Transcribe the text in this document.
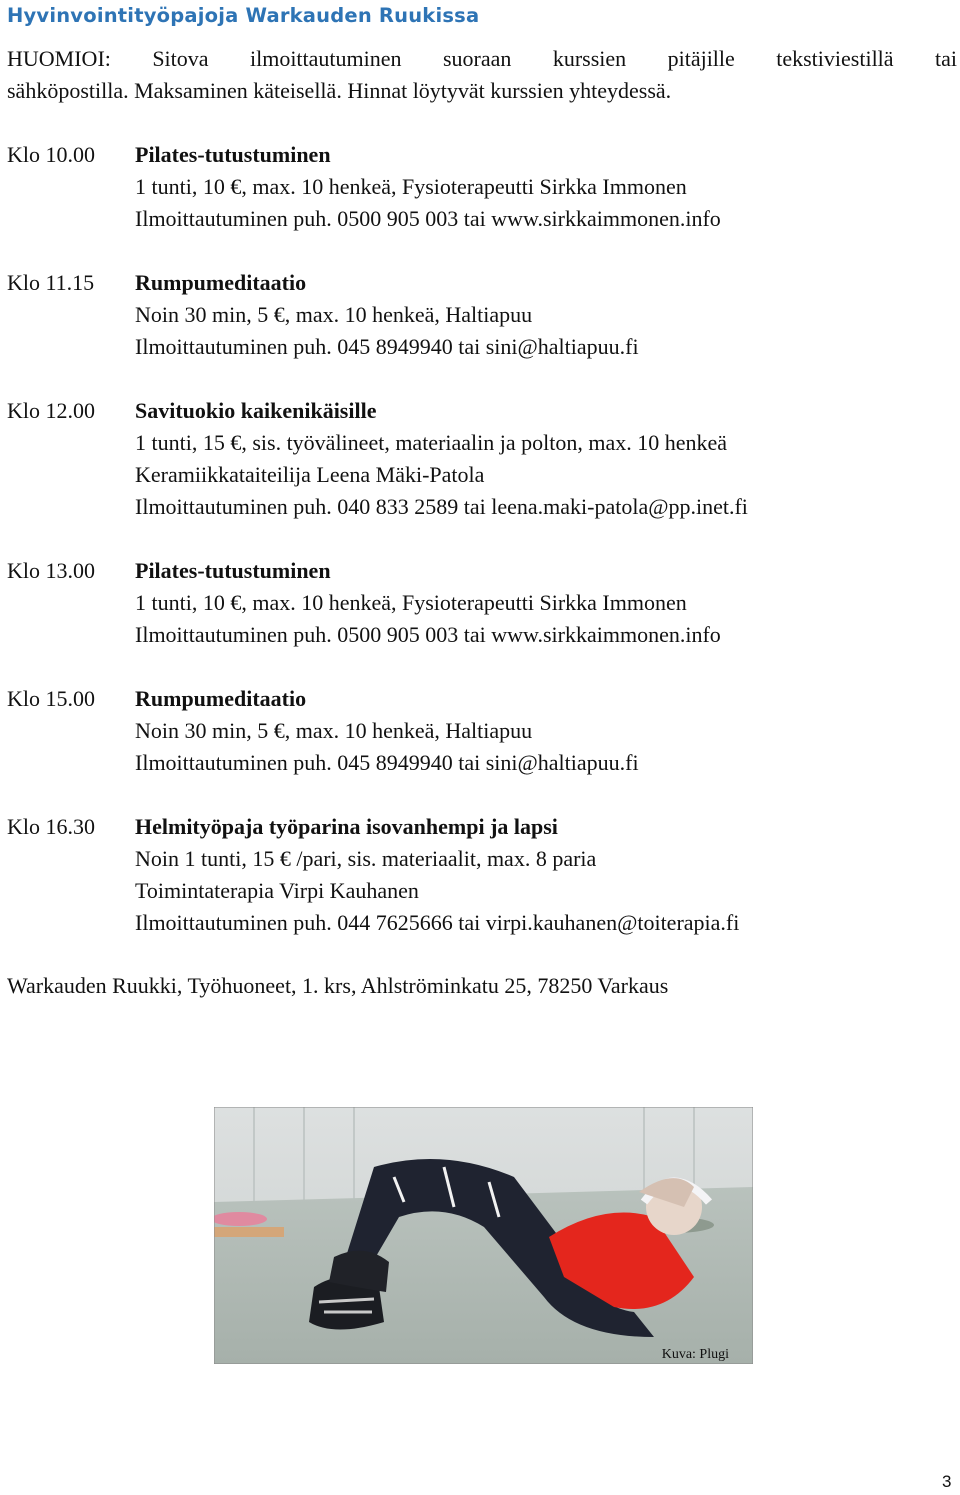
Hyvinvointityöpajoja Warkauden Ruukissa

HUOMIOI: Sitova ilmoittautuminen suoraan kurssien pitäjille tekstiviestillä tai
sähköpostilla. Maksaminen käteisellä. Hinnat löytyvät kurssien yhteydessä.

Klo 10.00 Pilates-tutustuminen

1 tunti, 10 €, max. 10 henkeä, Fysioterapeutti Sirkka Immonen

Ilmoittautuminen puh. 0500 905 003 tai www.sirkkaimmonen.info

Klo 11.15 Rumpumeditaatio

Noin 30 min, 5 €, max. 10 henkeä, Haltiapuu

Ilmoittautuminen puh. 045 8949940 tai sini@haltiapuu.fi

Klo 12.00 Savituokio kaikenikäisille

1 tunti, 15 €, sis. työvälineet, materiaalin ja polton, max. 10 henkeä

Keramiikkataiteilija Leena Mäki-Patola

Ilmoittautuminen puh. 040 833 2589 tai leena.maki-patola@pp.inet.fi

Klo 13.00 Pilates-tutustuminen

1 tunti, 10 €, max. 10 henkeä, Fysioterapeutti Sirkka Immonen

Ilmoittautuminen puh. 0500 905 003 tai www.sirkkaimmonen.info

Klo 15.00 Rumpumeditaatio

Noin 30 min, 5 €, max. 10 henkeä, Haltiapuu

Ilmoittautuminen puh. 045 8949940 tai sini@haltiapuu.fi

Klo 16.30 Helmityöpaja työparina isovanhempi ja lapsi

Noin 1 tunti, 15 € /pari, sis. materiaalit, max. 8 paria

Toimintaterapia Virpi Kauhanen

Ilmoittautuminen puh. 044 7625666 tai virpi.kauhanen@toiterapia.fi

Warkauden Ruukki, Työhuoneet, 1. krs, Ahlströminkatu 25, 78250 Varkaus

Kuva: Plugi
3
